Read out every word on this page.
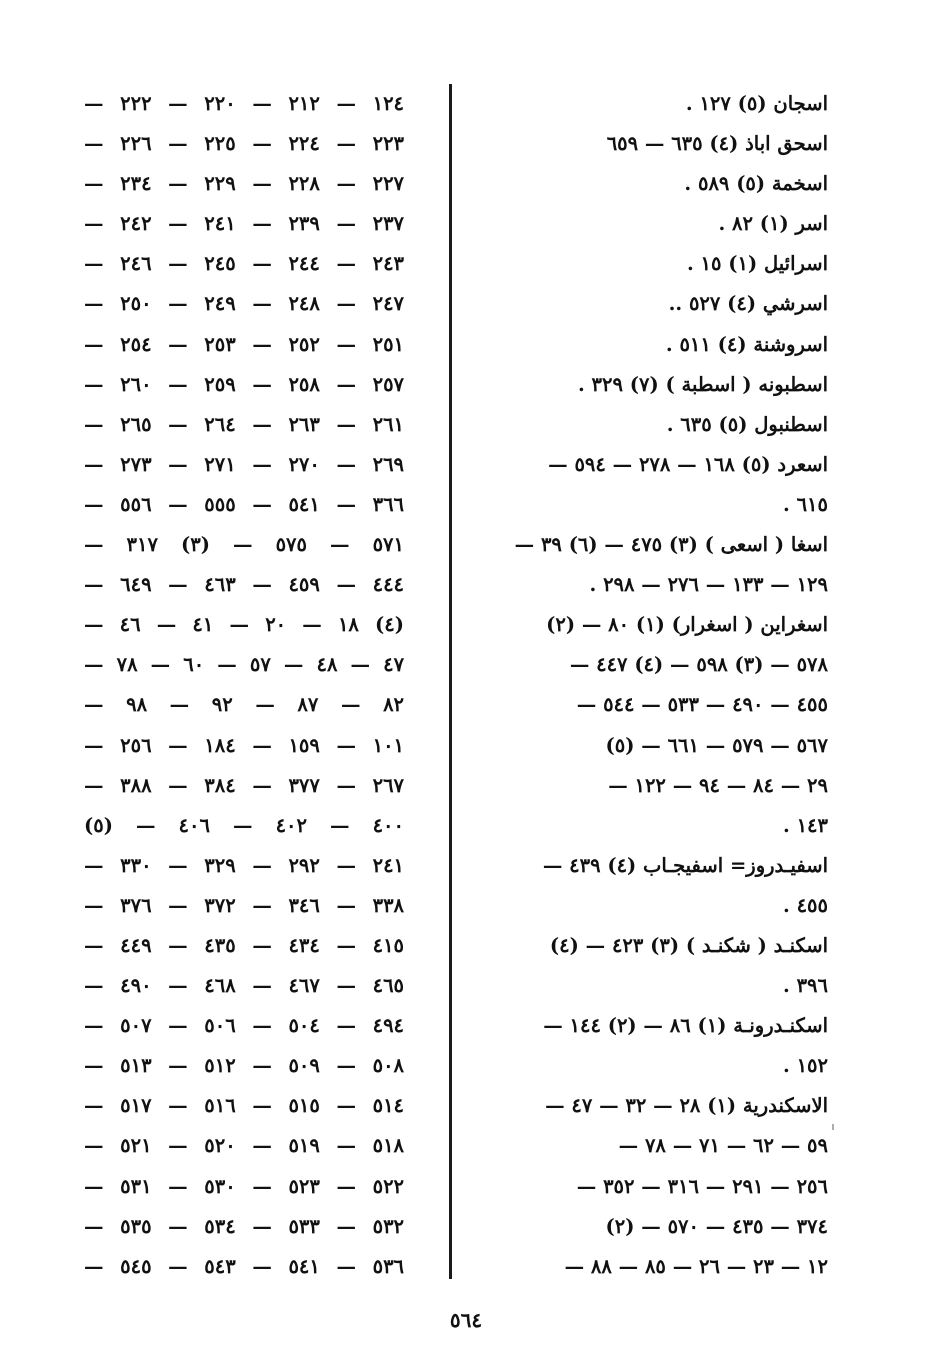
اسجان (٥) ١٢٧ .
اسحق اباذ (٤) ٦٣٥ — ٦٥٩
اسخمة (٥) ٥٨٩ .
اسر (١) ٨٢ .
اسرائيل (١) ١٥ .
اسرشي (٤) ٥٢٧ ..
اسروشنة (٤) ٥١١ .
اسطبونه ( اسطبة ) (٧) ٣٢٩ .
اسطنبول (٥) ٦٣٥ .
اسعرد (٥) ١٦٨ — ٢٧٨ — ٥٩٤ —
٦١٥ .
اسغا ( اسعى ) (٣) ٤٧٥ — (٦) ٣٩ —
١٢٩ — ١٣٣ — ٢٧٦ — ٢٩٨ .
اسغراين ( اسغرار) (١) ٨٠ — (٢)
٥٧٨ — (٣) ٥٩٨ — (٤) ٤٤٧ —
٤٥٥ — ٤٩٠ — ٥٣٣ — ٥٤٤ —
٥٦٧ — ٥٧٩ — ٦٦١ — (٥)
٢٩ — ٨٤ — ٩٤ — ١٢٢ —
١٤٣ .
اسفيـدروز= اسفيجـاب (٤) ٤٣٩ —
٤٥٥ .
اسكنـد ( شكنـد ) (٣) ٤٢٣ — (٤)
٣٩٦ .
اسكنـدرونـة (١) ٨٦ — (٢) ١٤٤ —
١٥٢ .
الاسكندرية (١) ٢٨ — ٣٢ — ٤٧ —
٥٩ — ٦٢ — ٧١ — ٧٨ —
٢٥٦ — ٢٩١ — ٣١٦ — ٣٥٢ —
٣٧٤ — ٤٣٥ — ٥٧٠ — (٢)
١٢ — ٢٣ — ٢٦ — ٨٥ — ٨٨ —
١٢٤ — ٢١٢ — ٢٢٠ — ٢٢٢ —
٢٢٣ — ٢٢٤ — ٢٢٥ — ٢٢٦ —
٢٢٧ — ٢٢٨ — ٢٢٩ — ٢٣٤ —
٢٣٧ — ٢٣٩ — ٢٤١ — ٢٤٢ —
٢٤٣ — ٢٤٤ — ٢٤٥ — ٢٤٦ —
٢٤٧ — ٢٤٨ — ٢٤٩ — ٢٥٠ —
٢٥١ — ٢٥٢ — ٢٥٣ — ٢٥٤ —
٢٥٧ — ٢٥٨ — ٢٥٩ — ٢٦٠ —
٢٦١ — ٢٦٣ — ٢٦٤ — ٢٦٥ —
٢٦٩ — ٢٧٠ — ٢٧١ — ٢٧٣ —
٣٦٦ — ٥٤١ — ٥٥٥ — ٥٥٦ —
٥٧١ — ٥٧٥ — (٣) ٣١٧ —
٤٤٤ — ٤٥٩ — ٤٦٣ — ٦٤٩ —
(٤) ١٨ — ٢٠ — ٤١ — ٤٦ —
٤٧ — ٤٨ — ٥٧ — ٦٠ — ٧٨ —
٨٢ — ٨٧ — ٩٢ — ٩٨ —
١٠١ — ١٥٩ — ١٨٤ — ٢٥٦ —
٢٦٧ — ٣٧٧ — ٣٨٤ — ٣٨٨ —
٤٠٠ — ٤٠٢ — ٤٠٦ — (٥)
٢٤١ — ٢٩٢ — ٣٢٩ — ٣٣٠ —
٣٣٨ — ٣٤٦ — ٣٧٢ — ٣٧٦ —
٤١٥ — ٤٣٤ — ٤٣٥ — ٤٤٩ —
٤٦٥ — ٤٦٧ — ٤٦٨ — ٤٩٠ —
٤٩٤ — ٥٠٤ — ٥٠٦ — ٥٠٧ —
٥٠٨ — ٥٠٩ — ٥١٢ — ٥١٣ —
٥١٤ — ٥١٥ — ٥١٦ — ٥١٧ —
٥١٨ — ٥١٩ — ٥٢٠ — ٥٢١ —
٥٢٢ — ٥٢٣ — ٥٣٠ — ٥٣١ —
٥٣٢ — ٥٣٣ — ٥٣٤ — ٥٣٥ —
٥٣٦ — ٥٤١ — ٥٤٣ — ٥٤٥ —
٥٦٤
